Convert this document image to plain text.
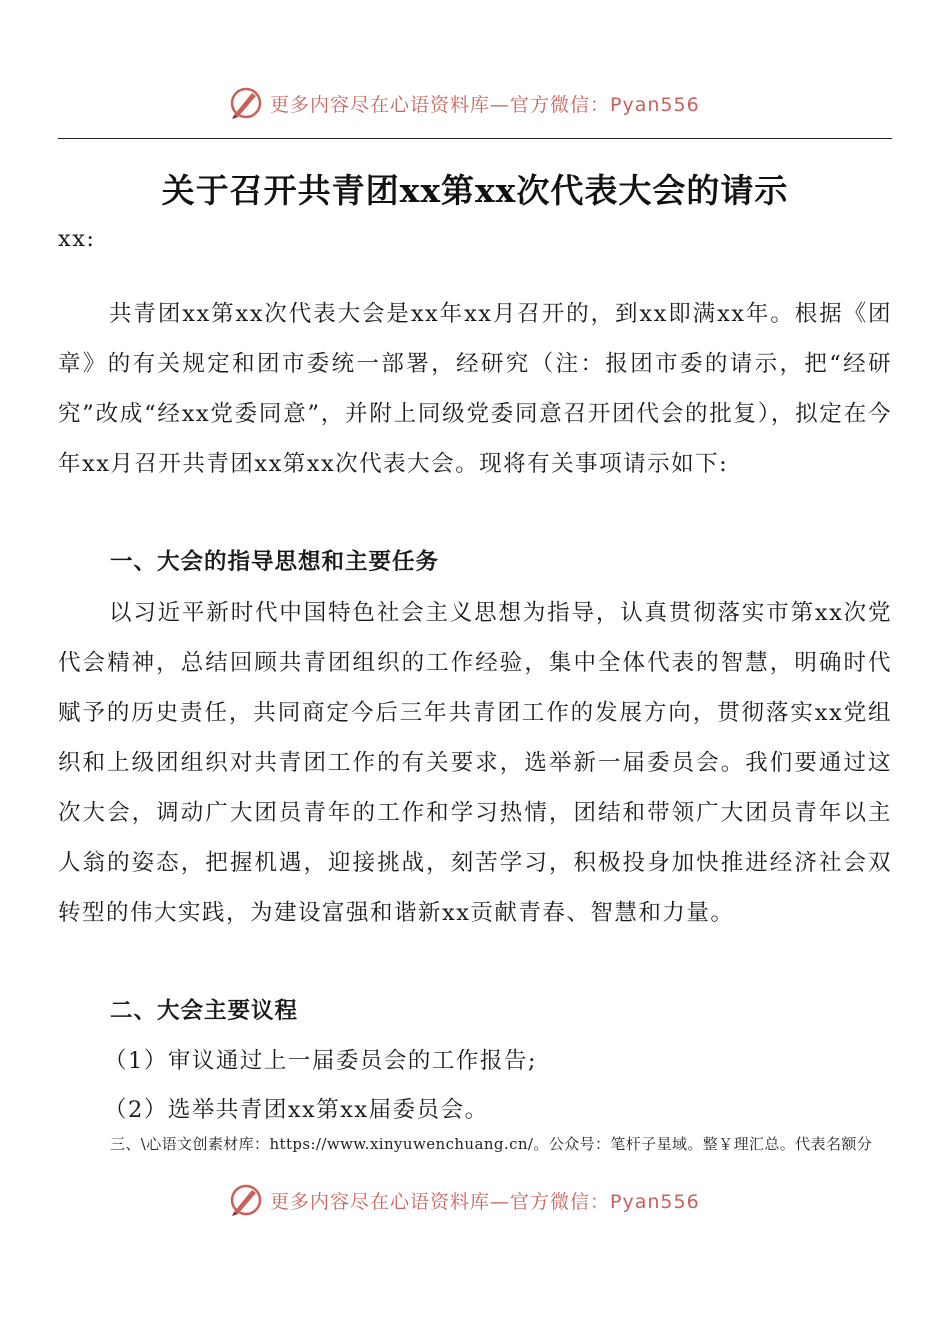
更多内容尽在心语资料库—官方微信：Pyan556
关于召开共青团xx第xx次代表大会的请示
xx:
共青团xx第xx次代表大会是xx年xx月召开的，到xx即满xx年。根据《团章》的有关规定和团市委统一部署，经研究（注：报团市委的请示，把“经研究”改成“经xx党委同意”，并附上同级党委同意召开团代会的批复），拟定在今年xx月召开共青团xx第xx次代表大会。现将有关事项请示如下:
一、大会的指导思想和主要任务
以习近平新时代中国特色社会主义思想为指导，认真贯彻落实市第xx次党代会精神，总结回顾共青团组织的工作经验，集中全体代表的智慧，明确时代赋予的历史责任，共同商定今后三年共青团工作的发展方向，贯彻落实xx党组织和上级团组织对共青团工作的有关要求，选举新一届委员会。我们要通过这次大会，调动广大团员青年的工作和学习热情，团结和带领广大团员青年以主人翁的姿态，把握机遇，迎接挑战，刻苦学习，积极投身加快推进经济社会双转型的伟大实践，为建设富强和谐新xx贡献青春、智慧和力量。
二、大会主要议程
（1）审议通过上一届委员会的工作报告;
（2）选举共青团xx第xx届委员会。
三、\心语文创素材库：https://www.xinyuwenchuang.cn/。公众号：笔杆子星域。整￥理汇总。代表名额分
更多内容尽在心语资料库—官方微信：Pyan556
